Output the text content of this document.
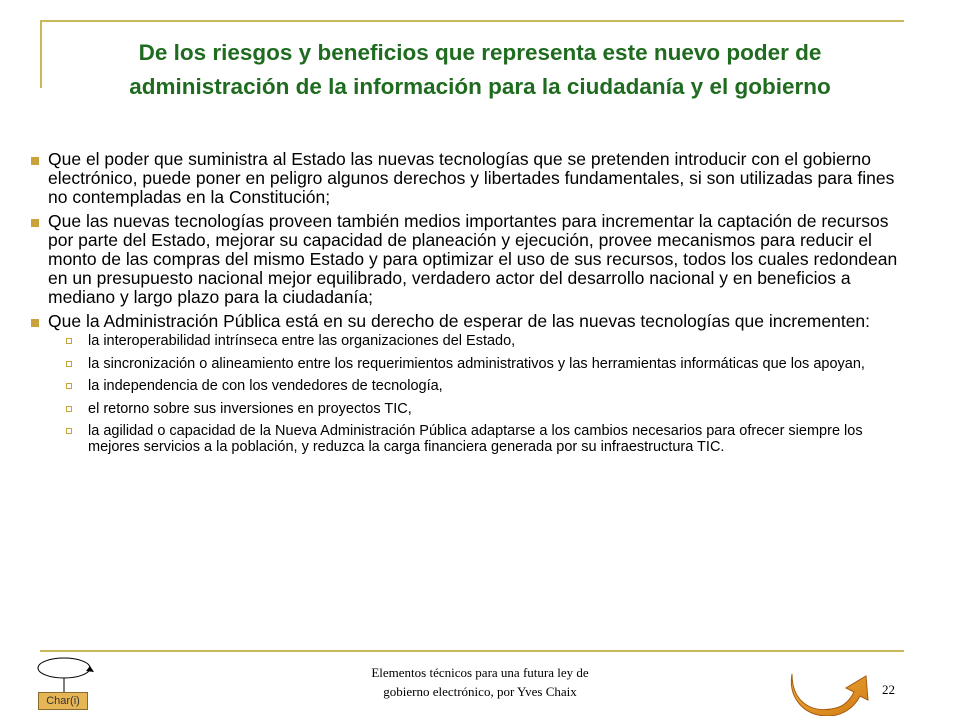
De los riesgos y beneficios que representa este nuevo poder de
administración de la información para la ciudadanía y el gobierno
Que el poder que suministra al Estado las nuevas tecnologías que se pretenden introducir con el gobierno electrónico, puede poner en peligro algunos derechos y libertades fundamentales, si son utilizadas para fines no contempladas en la Constitución;
Que las nuevas tecnologías proveen también medios importantes para incrementar la captación de recursos por parte del Estado, mejorar su capacidad de planeación y ejecución, provee mecanismos para reducir el monto de las compras del mismo Estado y para optimizar el uso de sus recursos, todos los cuales redondean en un presupuesto nacional mejor equilibrado, verdadero actor del desarrollo nacional y en beneficios a mediano y largo plazo para la ciudadanía;
Que la Administración Pública está en su derecho de esperar de las nuevas tecnologías que incrementen:
la interoperabilidad intrínseca entre las organizaciones del Estado,
la sincronización o alineamiento entre los requerimientos administrativos y las herramientas informáticas que los apoyan,
la independencia de con los vendedores de tecnología,
el retorno sobre sus inversiones en proyectos TIC,
la agilidad o capacidad de la Nueva Administración Pública adaptarse a los cambios necesarios para ofrecer siempre los mejores servicios a la población, y reduzca la carga financiera generada por su infraestructura TIC.
Char(i)
Elementos técnicos para una futura ley de
gobierno electrónico, por Yves Chaix	22
